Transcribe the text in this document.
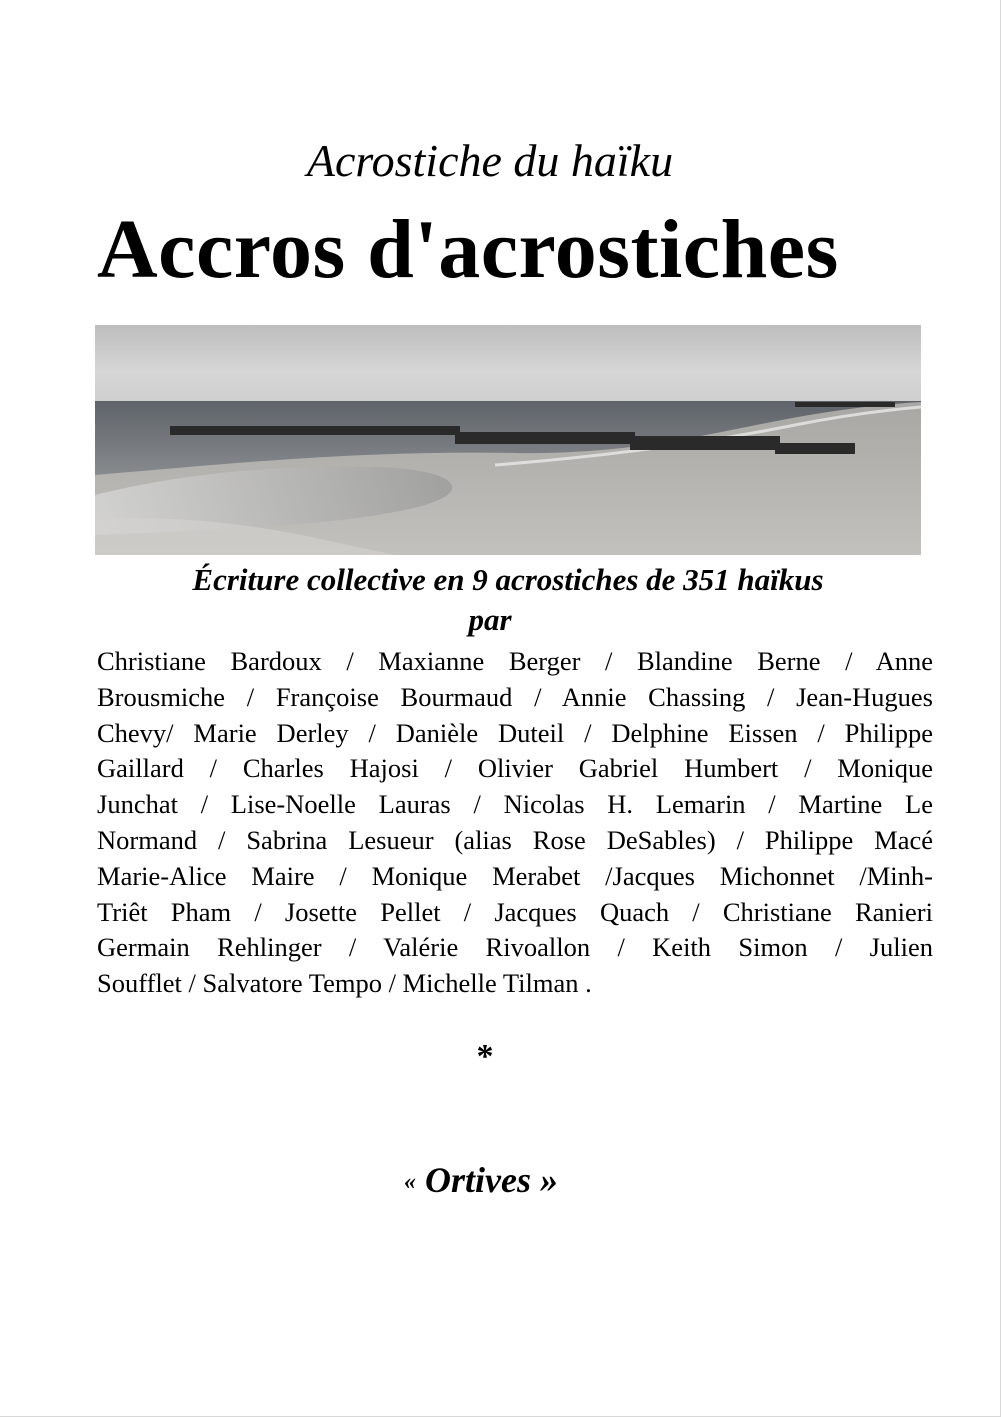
Acrostiche du haïku
Accros d'acrostiches
Écriture collective en 9 acrostiches de 351 haïkus
par
Christiane Bardoux / Maxianne Berger / Blandine Berne / Anne
Brousmiche / Françoise Bourmaud / Annie Chassing / Jean-Hugues
Chevy/ Marie Derley / Danièle Duteil / Delphine Eissen / Philippe
Gaillard / Charles Hajosi / Olivier Gabriel Humbert / Monique
Junchat / Lise-Noelle Lauras / Nicolas H. Lemarin / Martine Le
Normand / Sabrina Lesueur (alias Rose DeSables) / Philippe Macé
Marie-Alice Maire / Monique Merabet /Jacques Michonnet /Minh-
Triêt Pham / Josette Pellet / Jacques Quach / Christiane Ranieri
Germain Rehlinger / Valérie Rivoallon / Keith Simon / Julien
Soufflet / Salvatore Tempo / Michelle Tilman .
*
« Ortives »
